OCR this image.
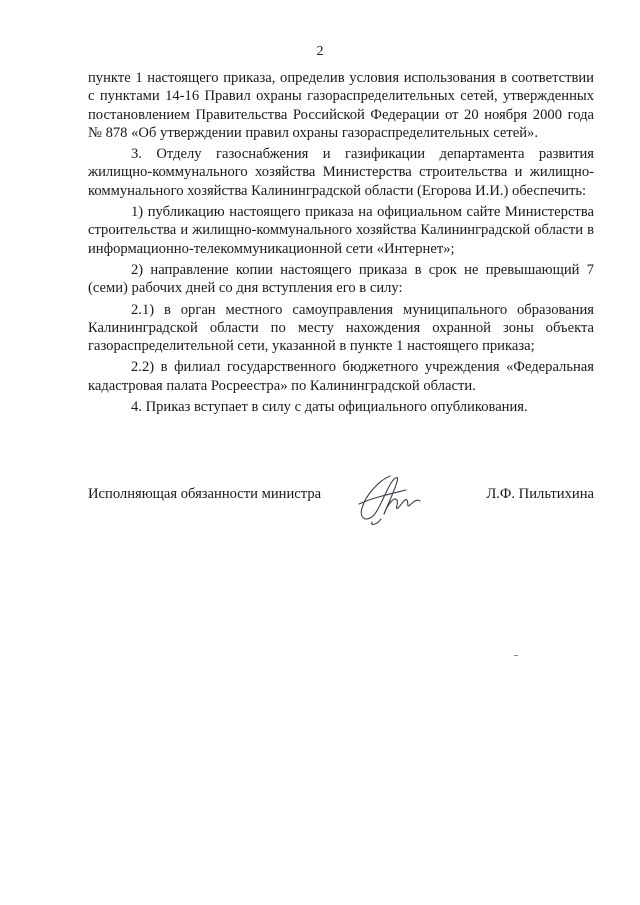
2

пункте 1 настоящего приказа, определив условия использования в соответствии с пунктами 14-16 Правил охраны газораспределительных сетей, утвержденных постановлением Правительства Российской Федерации от 20 ноября 2000 года № 878 «Об утверждении правил охраны газораспределительных сетей».

3. Отделу газоснабжения и газификации департамента развития жилищно-коммунального хозяйства Министерства строительства и жилищно-коммунального хозяйства Калининградской области (Егорова И.И.) обеспечить:

1) публикацию настоящего приказа на официальном сайте Министерства строительства и жилищно-коммунального хозяйства Калининградской области в информационно-телекоммуникационной сети «Интернет»;

2) направление копии настоящего приказа в срок не превышающий 7 (семи) рабочих дней со дня вступления его в силу:

2.1) в орган местного самоуправления муниципального образования Калининградской области по месту нахождения охранной зоны объекта газораспределительной сети, указанной в пункте 1 настоящего приказа;

2.2) в филиал государственного бюджетного учреждения «Федеральная кадастровая палата Росреестра» по Калининградской области.

4. Приказ вступает в силу с даты официального опубликования.

Исполняющая обязанности министра	Л.Ф. Пильтихина
